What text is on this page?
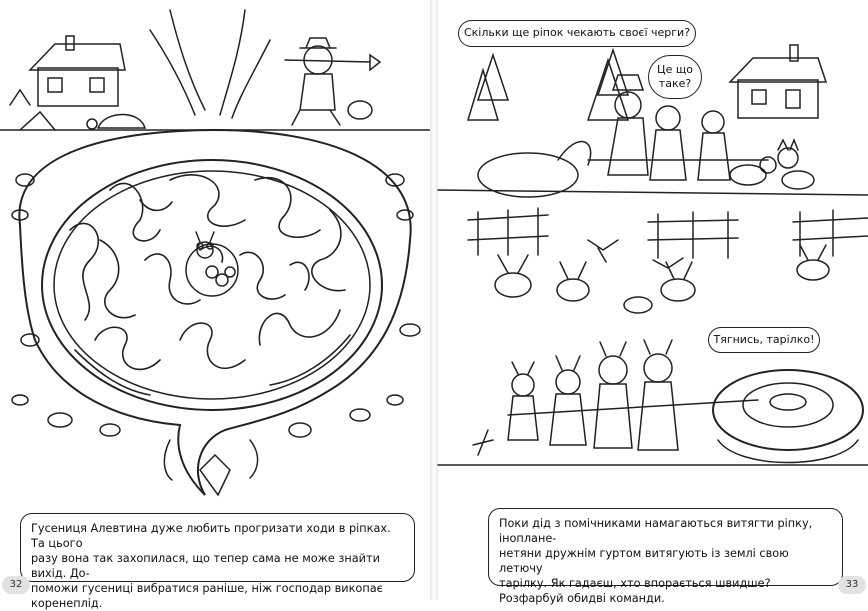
Гусениця Алевтина дуже любить прогризати ходи в ріпках. Та цього
разу вона так захопилася, що тепер сама не може знайти вихід. До-
поможи гусениці вибратися раніше, ніж господар викопає коренеплід.
32
Скільки ще ріпок чекають своєї черги?
Це що
таке?
Тягнись, тарілко!
Поки дід з помічниками намагаються витягти ріпку, іноплане-
нетяни дружнім гуртом витягують із землі свою летючу
тарілку. Як гадаєш, хто впорається швидше?
Розфарбуй обидві команди.
33
